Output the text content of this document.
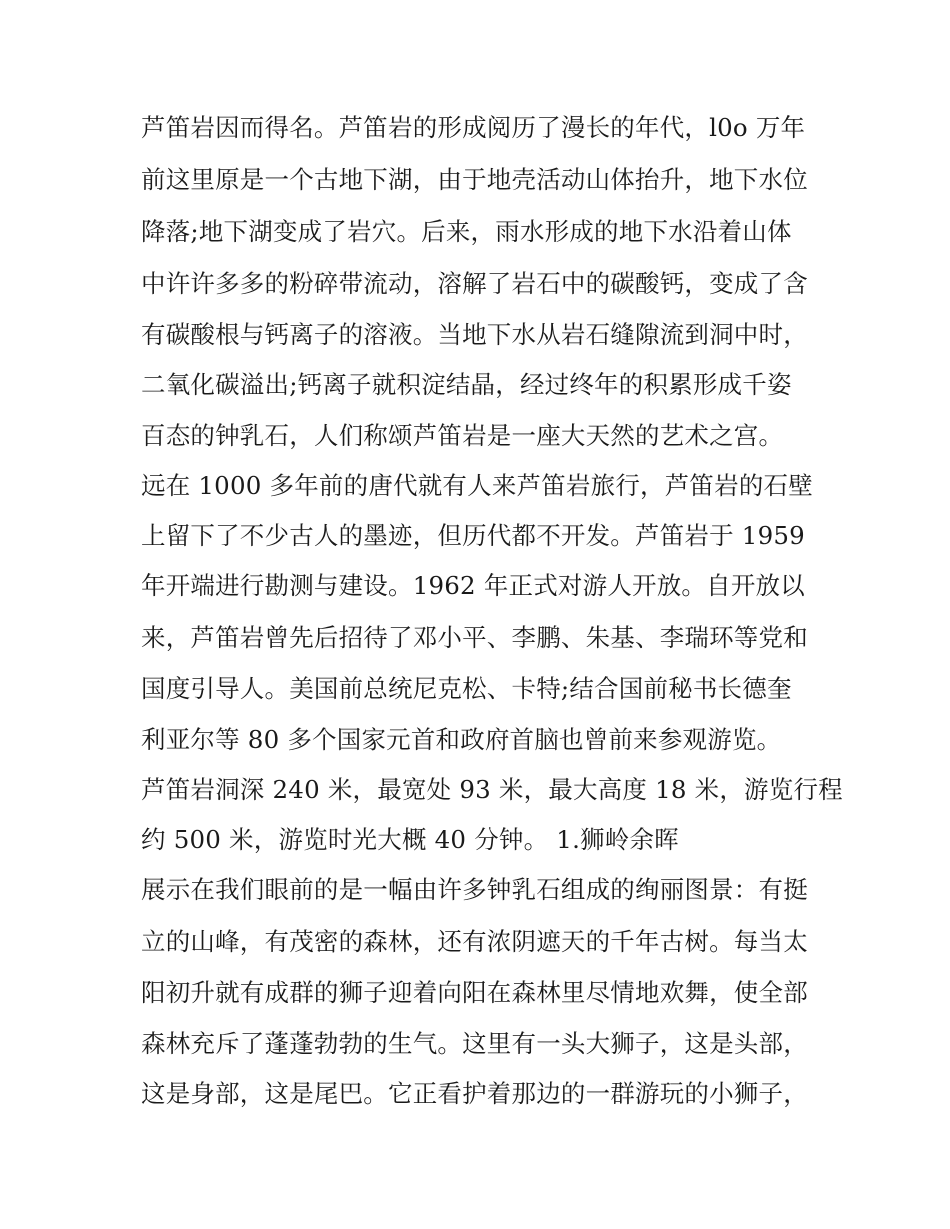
芦笛岩因而得名。芦笛岩的形成阅历了漫长的年代，l0o 万年
前这里原是一个古地下湖，由于地壳活动山体抬升，地下水位
降落;地下湖变成了岩穴。后来，雨水形成的地下水沿着山体
中许许多多的粉碎带流动，溶解了岩石中的碳酸钙，变成了含
有碳酸根与钙离子的溶液。当地下水从岩石缝隙流到洞中时，
二氧化碳溢出;钙离子就积淀结晶，经过终年的积累形成千姿
百态的钟乳石，人们称颂芦笛岩是一座大天然的艺术之宫。
远在 1000 多年前的唐代就有人来芦笛岩旅行，芦笛岩的石壁
上留下了不少古人的墨迹，但历代都不开发。芦笛岩于 1959
年开端进行勘测与建设。1962 年正式对游人开放。自开放以
来，芦笛岩曾先后招待了邓小平、李鹏、朱基、李瑞环等党和
国度引导人。美国前总统尼克松、卡特;结合国前秘书长德奎
利亚尔等 80 多个国家元首和政府首脑也曾前来参观游览。
芦笛岩洞深 240 米，最宽处 93 米，最大高度 18 米，游览行程
约 500 米，游览时光大概 40 分钟。 1.狮岭余晖
展示在我们眼前的是一幅由许多钟乳石组成的绚丽图景：有挺
立的山峰，有茂密的森林，还有浓阴遮天的千年古树。每当太
阳初升就有成群的狮子迎着向阳在森林里尽情地欢舞，使全部
森林充斥了蓬蓬勃勃的生气。这里有一头大狮子，这是头部，
这是身部，这是尾巴。它正看护着那边的一群游玩的小狮子，
